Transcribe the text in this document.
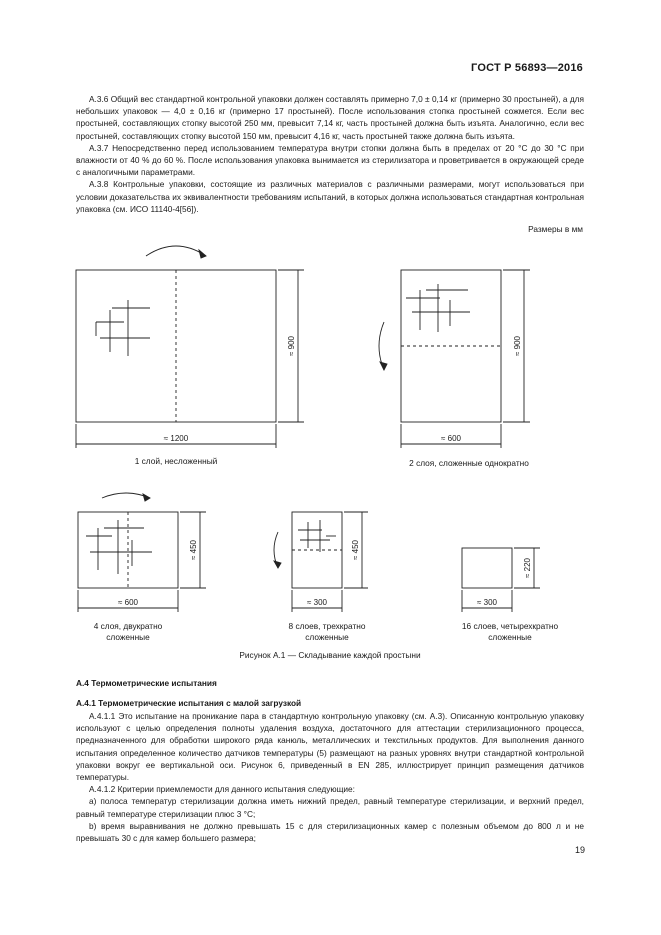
ГОСТ Р 56893—2016

А.3.6 Общий вес стандартной контрольной упаковки должен составлять примерно 7,0 ± 0,14 кг (примерно 30 простыней), а для небольших упаковок — 4,0 ± 0,16 кг (примерно 17 простыней). После использования стопка простыней сожмется. Если вес простыней, составляющих стопку высотой 250 мм, превысит 7,14 кг, часть простыней должна быть изъята. Аналогично, если вес простыней, составляющих стопку высотой 150 мм, превысит 4,16 кг, часть простыней также должна быть изъята.

А.3.7 Непосредственно перед использованием температура внутри стопки должна быть в пределах от 20 °С до 30 °С при влажности от 40 % до 60 %. После использования упаковка вынимается из стерилизатора и проветривается в окружающей среде с аналогичными параметрами.

А.3.8 Контрольные упаковки, состоящие из различных материалов с различными размерами, могут использоваться при условии доказательства их эквивалентности требованиям испытаний, в которых должна использоваться стандартная контрольная упаковка (см. ИСО 11140-4[56]).

Размеры в мм
≈ 1200
≈ 900
≈ 600
≈ 900
≈ 600
≈ 450
≈ 300
≈ 450
≈ 300
≈ 220
1 слой, несложенный	2 слоя, сложенные однократно
4 слоя, двукратно
сложенные
8 слоев, трехкратно
сложенные
16 слоев, четырехкратно
сложенные
Рисунок А.1 — Складывание каждой простыни
А.4 Термометрические испытания
А.4.1 Термометрические испытания с малой загрузкой

А.4.1.1 Это испытание на проникание пара в стандартную контрольную упаковку (см. А.3). Описанную контрольную упаковку используют с целью определения полноты удаления воздуха, достаточного для аттестации стерилизационного процесса, предназначенного для обработки широкого ряда канюль, металлических и текстильных продуктов. Для выполнения данного испытания определенное количество датчиков температуры (5) размещают на разных уровнях внутри стандартной контрольной упаковки вокруг ее вертикальной оси. Рисунок 6, приведенный в EN 285, иллюстрирует принцип размещения датчиков температуры.

А.4.1.2 Критерии приемлемости для данного испытания следующие:

а) полоса температур стерилизации должна иметь нижний предел, равный температуре стерилизации, и верхний предел, равный температуре стерилизации плюс 3 °С;

b) время выравнивания не должно превышать 15 с для стерилизационных камер с полезным объемом до 800 л и не превышать 30 с для камер большего размера;

19
